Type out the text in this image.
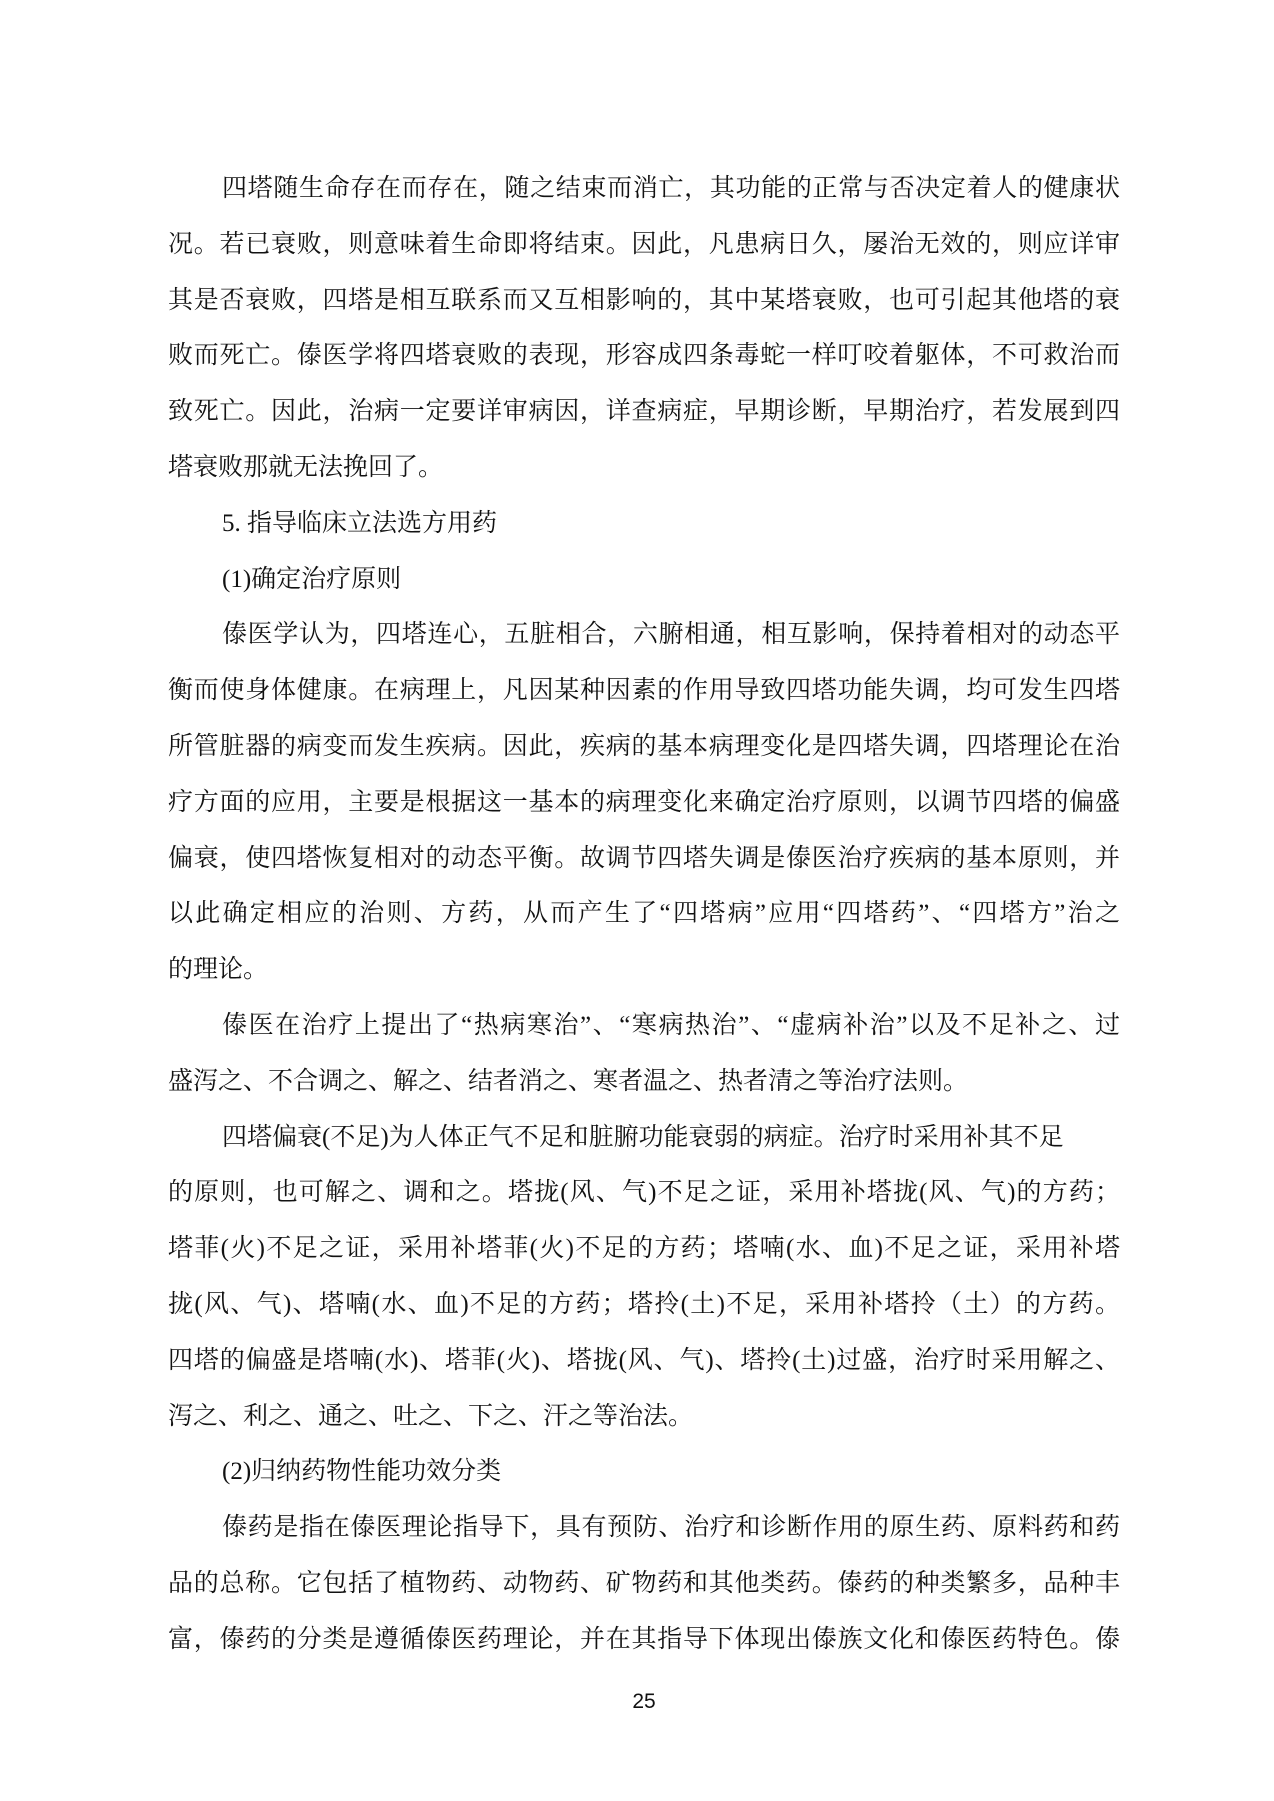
四塔随生命存在而存在，随之结束而消亡，其功能的正常与否决定着人的健康状

况。若已衰败，则意味着生命即将结束。因此，凡患病日久，屡治无效的，则应详审

其是否衰败，四塔是相互联系而又互相影响的，其中某塔衰败，也可引起其他塔的衰

败而死亡。傣医学将四塔衰败的表现，形容成四条毒蛇一样叮咬着躯体，不可救治而

致死亡。因此，治病一定要详审病因，详查病症，早期诊断，早期治疗，若发展到四

塔衰败那就无法挽回了。

5. 指导临床立法选方用药

(1)确定治疗原则

傣医学认为，四塔连心，五脏相合，六腑相通，相互影响，保持着相对的动态平

衡而使身体健康。在病理上，凡因某种因素的作用导致四塔功能失调，均可发生四塔

所管脏器的病变而发生疾病。因此，疾病的基本病理变化是四塔失调，四塔理论在治

疗方面的应用，主要是根据这一基本的病理变化来确定治疗原则，以调节四塔的偏盛

偏衰，使四塔恢复相对的动态平衡。故调节四塔失调是傣医治疗疾病的基本原则，并

以此确定相应的治则、方药，从而产生了“四塔病”应用“四塔药”、“四塔方”治之

的理论。

傣医在治疗上提出了“热病寒治”、“寒病热治”、“虚病补治”以及不足补之、过

盛泻之、不合调之、解之、结者消之、寒者温之、热者清之等治疗法则。

四塔偏衰(不足)为人体正气不足和脏腑功能衰弱的病症。治疗时采用补其不足

的原则，也可解之、调和之。塔拢(风、气)不足之证，采用补塔拢(风、气)的方药；

塔菲(火)不足之证，采用补塔菲(火)不足的方药；塔喃(水、血)不足之证，采用补塔

拢(风、气)、塔喃(水、血)不足的方药；塔拎(土)不足，采用补塔拎（土）的方药。

四塔的偏盛是塔喃(水)、塔菲(火)、塔拢(风、气)、塔拎(土)过盛，治疗时采用解之、

泻之、利之、通之、吐之、下之、汗之等治法。

(2)归纳药物性能功效分类

傣药是指在傣医理论指导下，具有预防、治疗和诊断作用的原生药、原料药和药

品的总称。它包括了植物药、动物药、矿物药和其他类药。傣药的种类繁多，品种丰

富，傣药的分类是遵循傣医药理论，并在其指导下体现出傣族文化和傣医药特色。傣

25
